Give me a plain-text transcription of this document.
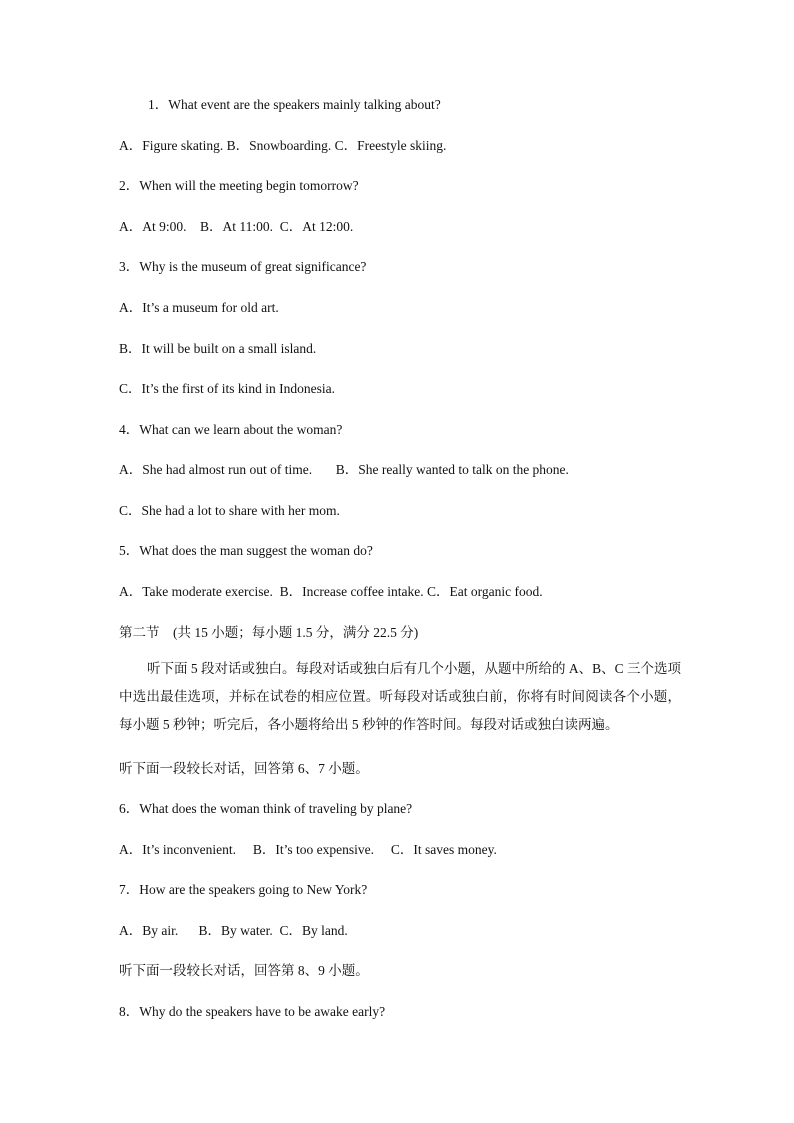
1．What event are the speakers mainly talking about?
A．Figure skating. B．Snowboarding. C．Freestyle skiing.
2．When will the meeting begin tomorrow?
A．At 9:00.    B．At 11:00.  C．At 12:00.
3．Why is the museum of great significance?
A．It’s a museum for old art.
B．It will be built on a small island.
C．It’s the first of its kind in Indonesia.
4．What can we learn about the woman?
A．She had almost run out of time.       B．She really wanted to talk on the phone.
C．She had a lot to share with her mom.
5．What does the man suggest the woman do?
A．Take moderate exercise.  B．Increase coffee intake. C．Eat organic food.
第二节　(共 15 小题；每小题 1.5 分，满分 22.5 分)
听下面 5 段对话或独白。每段对话或独白后有几个小题，从题中所给的 A、B、C 三个选项中选出最佳选项，并标在试卷的相应位置。听每段对话或独白前，你将有时间阅读各个小题，每小题 5 秒钟；听完后，各小题将给出 5 秒钟的作答时间。每段对话或独白读两遍。
听下面一段较长对话，回答第 6、7 小题。
6．What does the woman think of traveling by plane?
A．It’s inconvenient.     B．It’s too expensive.     C．It saves money.
7．How are the speakers going to New York?
A．By air.      B．By water.  C．By land.
听下面一段较长对话，回答第 8、9 小题。
8．Why do the speakers have to be awake early?
